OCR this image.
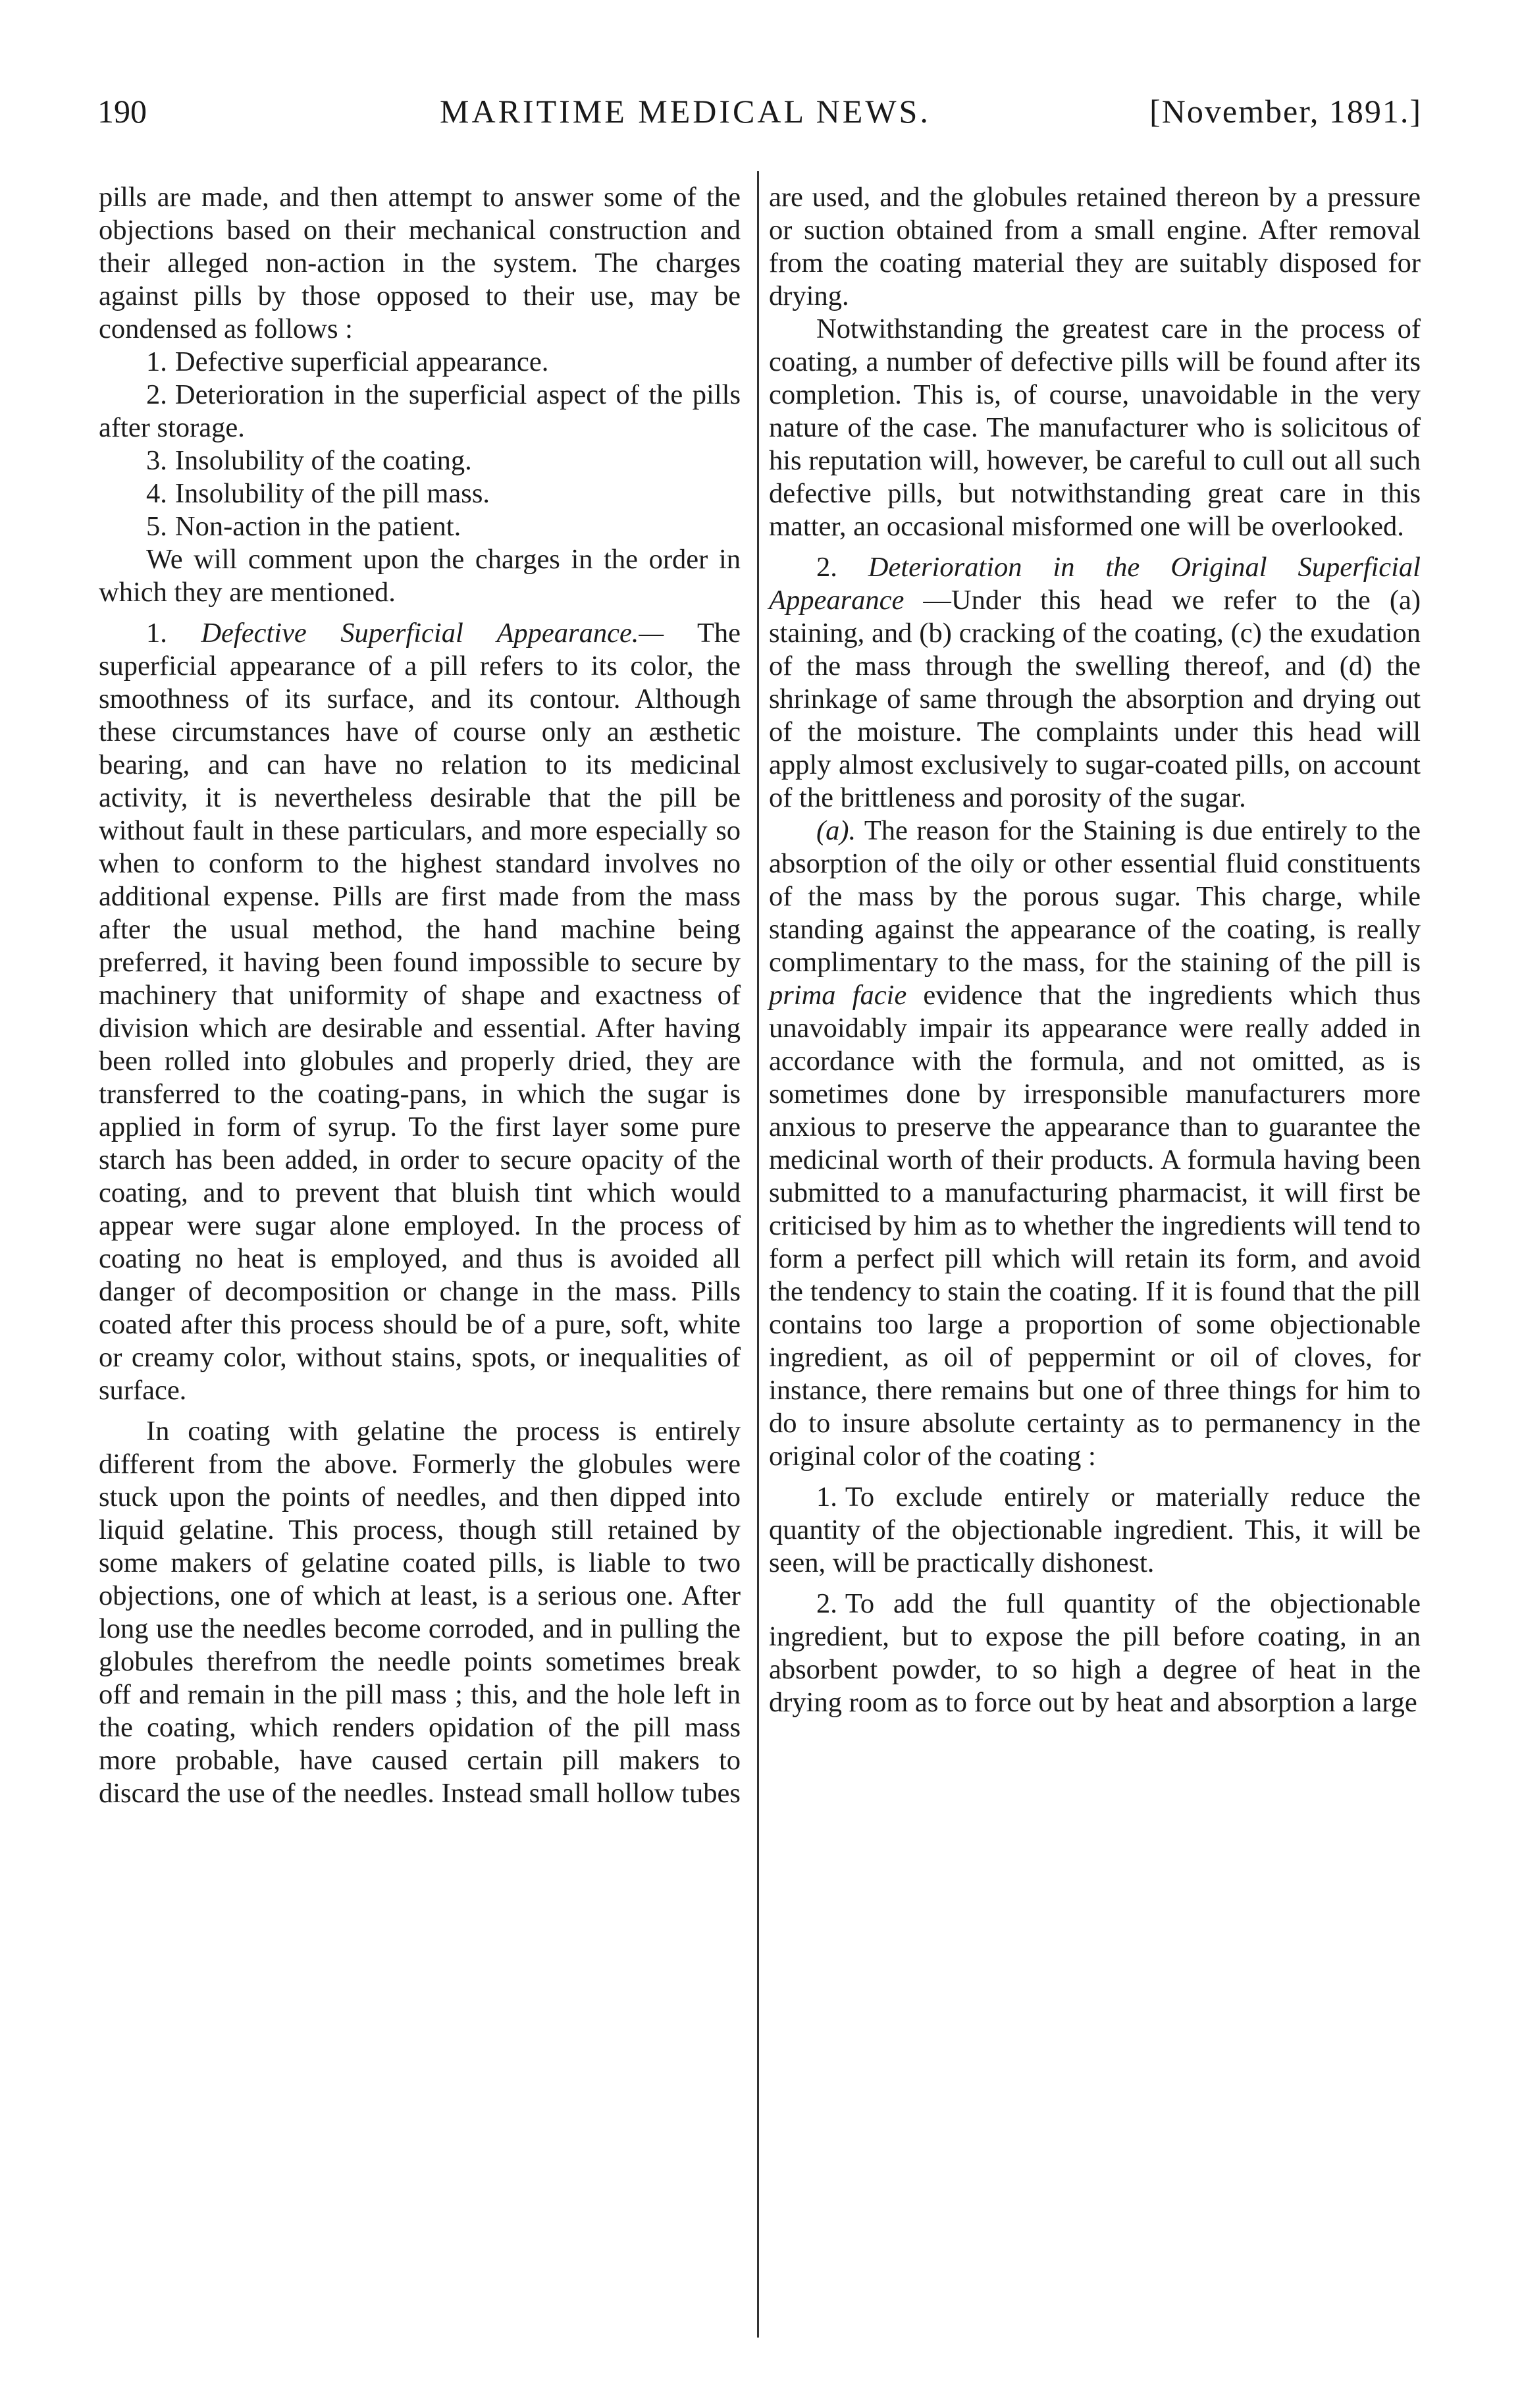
190	MARITIME MEDICAL NEWS.	[November, 1891.]

pills are made, and then attempt to answer some of the objections based on their mechanical construction and their alleged non-action in the system. The charges against pills by those opposed to their use, may be condensed as follows :

1. Defective superficial appearance.

2. Deterioration in the superficial aspect of the pills after storage.

3. Insolubility of the coating.

4. Insolubility of the pill mass.

5. Non-action in the patient.

We will comment upon the charges in the order in which they are mentioned.

1. Defective Superficial Appearance.— The superficial appearance of a pill refers to its color, the smoothness of its surface, and its contour. Although these circumstances have of course only an æsthetic bearing, and can have no relation to its medicinal activity, it is nevertheless desirable that the pill be without fault in these particulars, and more especially so when to conform to the highest standard involves no additional expense. Pills are first made from the mass after the usual method, the hand machine being preferred, it having been found impossible to secure by machinery that uniformity of shape and exactness of division which are desirable and essential. After having been rolled into globules and properly dried, they are transferred to the coating-pans, in which the sugar is applied in form of syrup. To the first layer some pure starch has been added, in order to secure opacity of the coating, and to prevent that bluish tint which would appear were sugar alone employed. In the process of coating no heat is employed, and thus is avoided all danger of decomposition or change in the mass. Pills coated after this process should be of a pure, soft, white or creamy color, without stains, spots, or inequalities of surface.

In coating with gelatine the process is entirely different from the above. Formerly the globules were stuck upon the points of needles, and then dipped into liquid gelatine. This process, though still retained by some makers of gelatine coated pills, is liable to two objections, one of which at least, is a serious one. After long use the needles become corroded, and in pulling the globules therefrom the needle points sometimes break off and remain in the pill mass ; this, and the hole left in the coating, which renders opidation of the pill mass more probable, have caused certain pill makers to discard the use of the needles. Instead small hollow tubes

are used, and the globules retained thereon by a pressure or suction obtained from a small engine. After removal from the coating material they are suitably disposed for drying.

Notwithstanding the greatest care in the process of coating, a number of defective pills will be found after its completion. This is, of course, unavoidable in the very nature of the case. The manufacturer who is solicitous of his reputation will, however, be careful to cull out all such defective pills, but notwithstanding great care in this matter, an occasional misformed one will be overlooked.

2. Deterioration in the Original Superficial Appearance —Under this head we refer to the (a) staining, and (b) cracking of the coating, (c) the exudation of the mass through the swelling thereof, and (d) the shrinkage of same through the absorption and drying out of the moisture. The complaints under this head will apply almost exclusively to sugar-coated pills, on account of the brittleness and porosity of the sugar.

(a). The reason for the Staining is due entirely to the absorption of the oily or other essential fluid constituents of the mass by the porous sugar. This charge, while standing against the appearance of the coating, is really complimentary to the mass, for the staining of the pill is prima facie evidence that the ingredients which thus unavoidably impair its appearance were really added in accordance with the formula, and not omitted, as is sometimes done by irresponsible manufacturers more anxious to preserve the appearance than to guarantee the medicinal worth of their products. A formula having been submitted to a manufacturing pharmacist, it will first be criticised by him as to whether the ingredients will tend to form a perfect pill which will retain its form, and avoid the tendency to stain the coating. If it is found that the pill contains too large a proportion of some objectionable ingredient, as oil of peppermint or oil of cloves, for instance, there remains but one of three things for him to do to insure absolute certainty as to permanency in the original color of the coating :

1. To exclude entirely or materially reduce the quantity of the objectionable ingredient. This, it will be seen, will be practically dishonest.

2. To add the full quantity of the objectionable ingredient, but to expose the pill before coating, in an absorbent powder, to so high a degree of heat in the drying room as to force out by heat and absorption a large
